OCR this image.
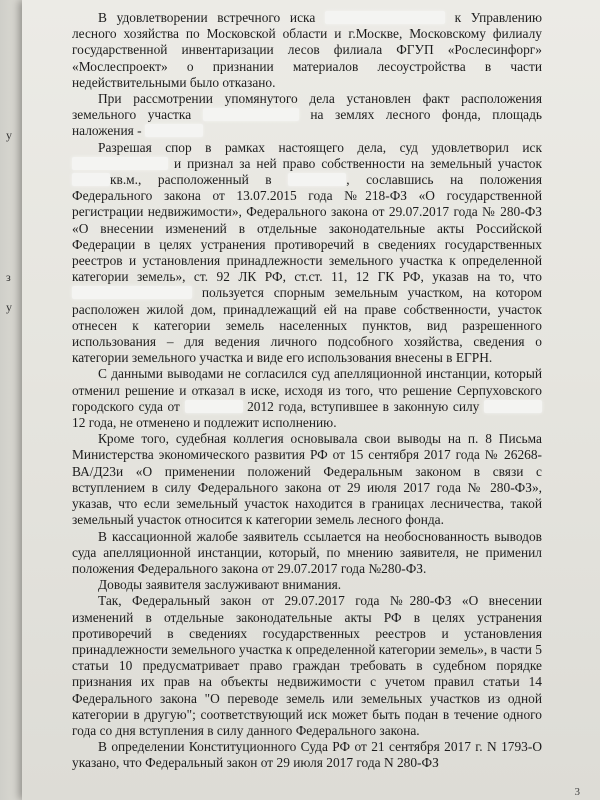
у
з
у

В удовлетворении встречного иска	к Управлению лесного хозяйства по Московской области и г.Москве, Московскому филиалу государственной инвентаризации лесов филиала ФГУП «Рослесинфорг» «Мослеспроект» о признании материалов лесоустройства в части недействительными было отказано.

При рассмотрении упомянутого дела установлен факт расположения земельного участка	на землях лесного фонда, площадь наложения -

Разрешая спор в рамках настоящего дела, суд удовлетворил иск  и признал за ней право собственности на земельный участок кв.м., расположенный в	, сославшись на положения Федерального закона от 13.07.2015 года №218-ФЗ «О государственной регистрации недвижимости», Федерального закона от 29.07.2017 года № 280-ФЗ «О внесении изменений в отдельные законодательные акты Российской Федерации в целях устранения противоречий в сведениях государственных реестров и установления принадлежности земельного участка к определенной категории земель», ст. 92 ЛК РФ, ст.ст. 11, 12 ГК РФ, указав на то, что  пользуется спорным земельным участком, на котором расположен жилой дом, принадлежащий ей на праве собственности, участок отнесен к категории земель населенных пунктов, вид разрешенного использования – для ведения личного подсобного хозяйства, сведения о категории земельного участка и виде его использования внесены в ЕГРН.

С данными выводами не согласился суд апелляционной инстанции, который отменил решение и отказал в иске, исходя из того, что решение Серпуховского городского суда от	2012 года, вступившее в законную силу  12 года, не отменено и подлежит исполнению.

Кроме того, судебная коллегия основывала свои выводы на п. 8 Письма Министерства экономического развития РФ от 15 сентября 2017 года № 26268-ВА/Д23и «О применении положений Федеральным законом в связи с вступлением в силу Федерального закона от 29 июля 2017 года № 280-ФЗ», указав, что если земельный участок находится в границах лесничества, такой земельный участок относится к категории земель лесного фонда.

В кассационной жалобе заявитель ссылается на необоснованность выводов суда апелляционной инстанции, который, по мнению заявителя, не применил положения Федерального закона от 29.07.2017 года №280-ФЗ.

Доводы заявителя заслуживают внимания.

Так, Федеральный закон от 29.07.2017 года №280-ФЗ «О внесении изменений в отдельные законодательные акты РФ в целях устранения противоречий в сведениях государственных реестров и установления принадлежности земельного участка к определенной категории земель», в части 5 статьи 10 предусматривает право граждан требовать в судебном порядке признания их прав на объекты недвижимости с учетом правил статьи 14 Федерального закона "О переводе земель или земельных участков из одной категории в другую"; соответствующий иск может быть подан в течение одного года со дня вступления в силу данного Федерального закона.

В определении Конституционного Суда РФ от 21 сентября 2017 г. N 1793-О указано, что Федеральный закон от 29 июля 2017 года N 280-ФЗ

3
